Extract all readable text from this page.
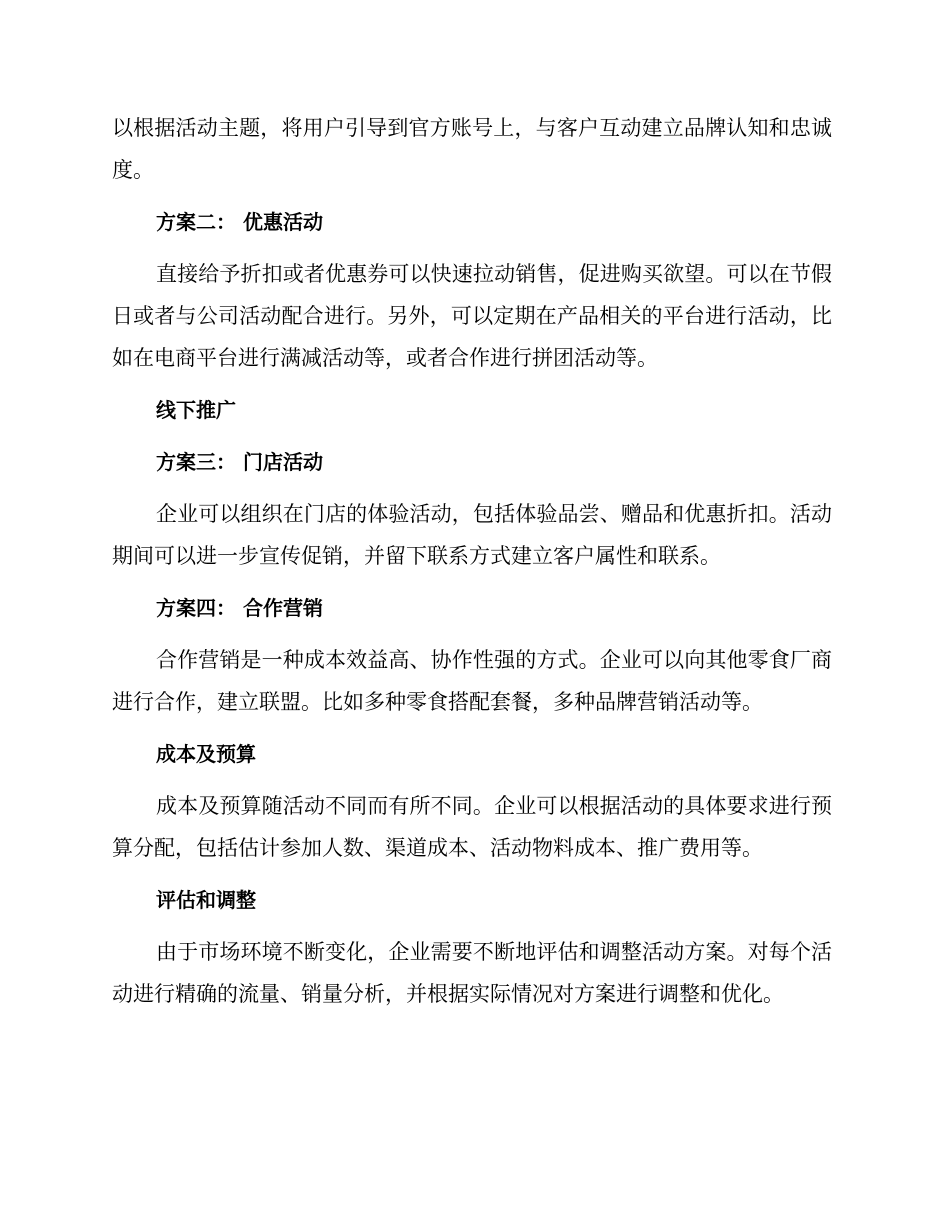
以根据活动主题，将用户引导到官方账号上，与客户互动建立品牌认知和忠诚度。

方案二： 优惠活动

直接给予折扣或者优惠券可以快速拉动销售，促进购买欲望。可以在节假日或者与公司活动配合进行。另外，可以定期在产品相关的平台进行活动，比如在电商平台进行满减活动等，或者合作进行拼团活动等。

线下推广
方案三： 门店活动

企业可以组织在门店的体验活动，包括体验品尝、赠品和优惠折扣。活动期间可以进一步宣传促销，并留下联系方式建立客户属性和联系。

方案四： 合作营销

合作营销是一种成本效益高、协作性强的方式。企业可以向其他零食厂商进行合作，建立联盟。比如多种零食搭配套餐，多种品牌营销活动等。

成本及预算

成本及预算随活动不同而有所不同。企业可以根据活动的具体要求进行预算分配，包括估计参加人数、渠道成本、活动物料成本、推广费用等。

评估和调整

由于市场环境不断变化，企业需要不断地评估和调整活动方案。对每个活动进行精确的流量、销量分析，并根据实际情况对方案进行调整和优化。
